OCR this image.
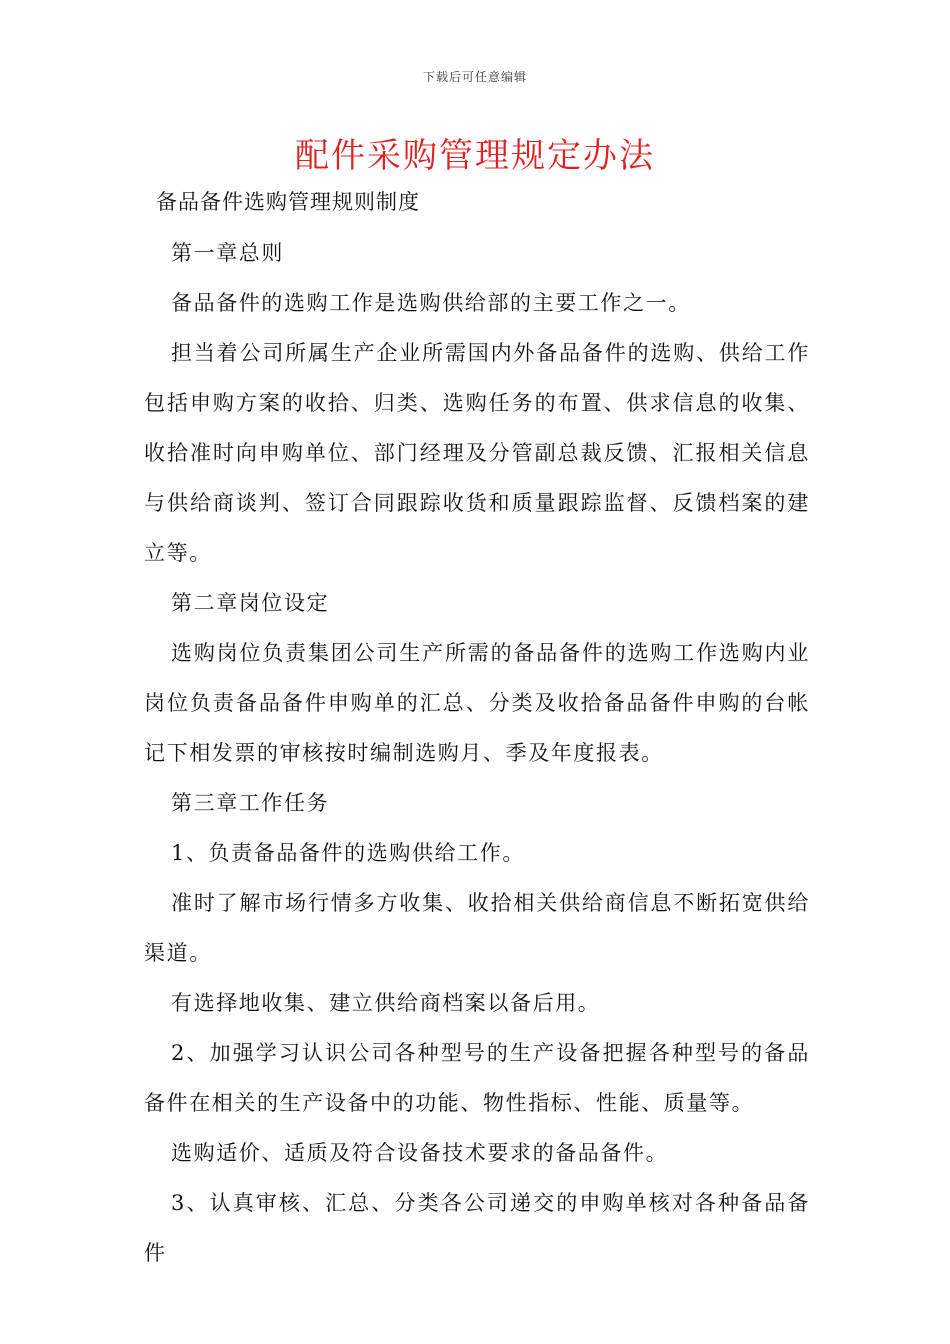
下载后可任意编辑
配件采购管理规定办法
备品备件选购管理规则制度

第一章总则

备品备件的选购工作是选购供给部的主要工作之一。

担当着公司所属生产企业所需国内外备品备件的选购、供给工作包括申购方案的收拾、归类、选购任务的布置、供求信息的收集、收拾准时向申购单位、部门经理及分管副总裁反馈、汇报相关信息与供给商谈判、签订合同跟踪收货和质量跟踪监督、反馈档案的建立等。

第二章岗位设定

选购岗位负责集团公司生产所需的备品备件的选购工作选购内业岗位负责备品备件申购单的汇总、分类及收拾备品备件申购的台帐记下相发票的审核按时编制选购月、季及年度报表。

第三章工作任务

1、负责备品备件的选购供给工作。

准时了解市场行情多方收集、收拾相关供给商信息不断拓宽供给渠道。

有选择地收集、建立供给商档案以备后用。

2、加强学习认识公司各种型号的生产设备把握各种型号的备品备件在相关的生产设备中的功能、物性指标、性能、质量等。

选购适价、适质及符合设备技术要求的备品备件。

3、认真审核、汇总、分类各公司递交的申购单核对各种备品备件
